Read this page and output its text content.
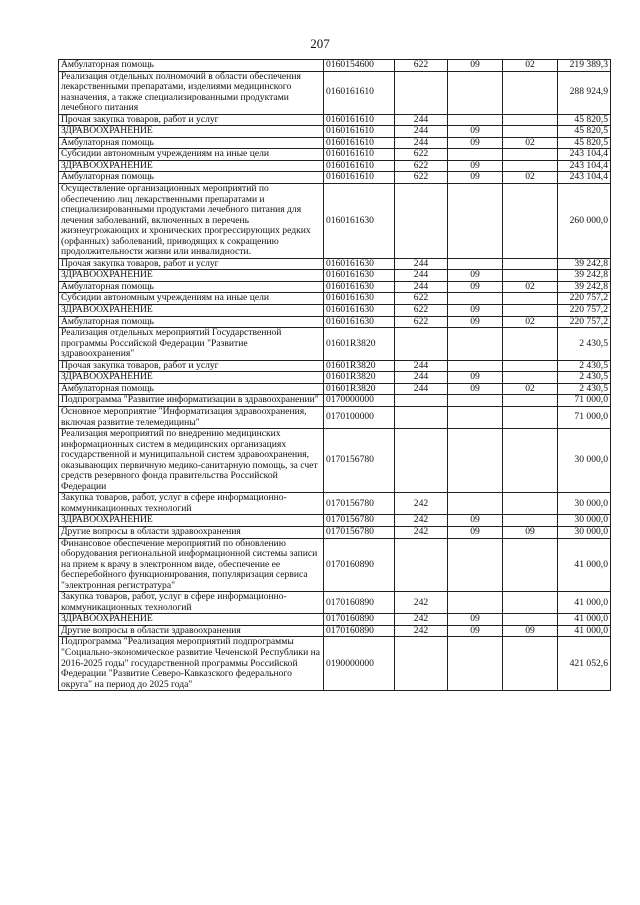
207
Амбулаторная помощь	0160154600	622	09	02	219 389,3
Реализация отдельных полномочий в области обеспечения лекарственными препаратами, изделиями медицинского назначения, а также специализированными продуктами лечебного питания	0160161610				288 924,9
Прочая закупка товаров, работ и услуг	0160161610	244			45 820,5
ЗДРАВООХРАНЕНИЕ	0160161610	244	09		45 820,5
Амбулаторная помощь	0160161610	244	09	02	45 820,5
Субсидии автономным учреждениям на иные цели	0160161610	622			243 104,4
ЗДРАВООХРАНЕНИЕ	0160161610	622	09		243 104,4
Амбулаторная помощь	0160161610	622	09	02	243 104,4
Осуществление организационных мероприятий по обеспечению лиц лекарственными препаратами и специализированными продуктами лечебного питания для лечения заболеваний, включенных в перечень жизнеугрожающих и хронических прогрессирующих редких (орфанных) заболеваний, приводящих к сокращению продолжительности жизни или инвалидности.	0160161630				260 000,0
Прочая закупка товаров, работ и услуг	0160161630	244			39 242,8
ЗДРАВООХРАНЕНИЕ	0160161630	244	09		39 242,8
Амбулаторная помощь	0160161630	244	09	02	39 242,8
Субсидии автономным учреждениям на иные цели	0160161630	622			220 757,2
ЗДРАВООХРАНЕНИЕ	0160161630	622	09		220 757,2
Амбулаторная помощь	0160161630	622	09	02	220 757,2
Реализация отдельных мероприятий Государственной программы Российской Федерации "Развитие здравоохранения"	01601R3820				2 430,5
Прочая закупка товаров, работ и услуг	01601R3820	244			2 430,5
ЗДРАВООХРАНЕНИЕ	01601R3820	244	09		2 430,5
Амбулаторная помощь	01601R3820	244	09	02	2 430,5
Подпрограмма "Развитие информатизации в здравоохранении"	0170000000				71 000,0
Основное мероприятие "Информатизация здравоохранения, включая развитие телемедицины"	0170100000				71 000,0
Реализация мероприятий по внедрению медицинских информационных систем в медицинских организациях государственной и муниципальной систем здравоохранения, оказывающих первичную медико-санитарную помощь, за счет средств резервного фонда правительства Российской Федерации	0170156780				30 000,0
Закупка товаров, работ, услуг в сфере информационно-коммуникационных технологий	0170156780	242			30 000,0
ЗДРАВООХРАНЕНИЕ	0170156780	242	09		30 000,0
Другие вопросы в области здравоохранения	0170156780	242	09	09	30 000,0
Финансовое обеспечение мероприятий по обновлению оборудования региональной информационной системы записи на прием к врачу в электронном виде, обеспечение ее бесперебойного функционирования, популяризация сервиса "электронная регистратура"	0170160890				41 000,0
Закупка товаров, работ, услуг в сфере информационно-коммуникационных технологий	0170160890	242			41 000,0
ЗДРАВООХРАНЕНИЕ	0170160890	242	09		41 000,0
Другие вопросы в области здравоохранения	0170160890	242	09	09	41 000,0
Подпрограмма "Реализация мероприятий подпрограммы "Социально-экономическое развитие Чеченской Республики на 2016-2025 годы" государственной программы Российской Федерации "Развитие Северо-Кавказского федерального округа" на период до 2025 года"	0190000000				421 052,6
